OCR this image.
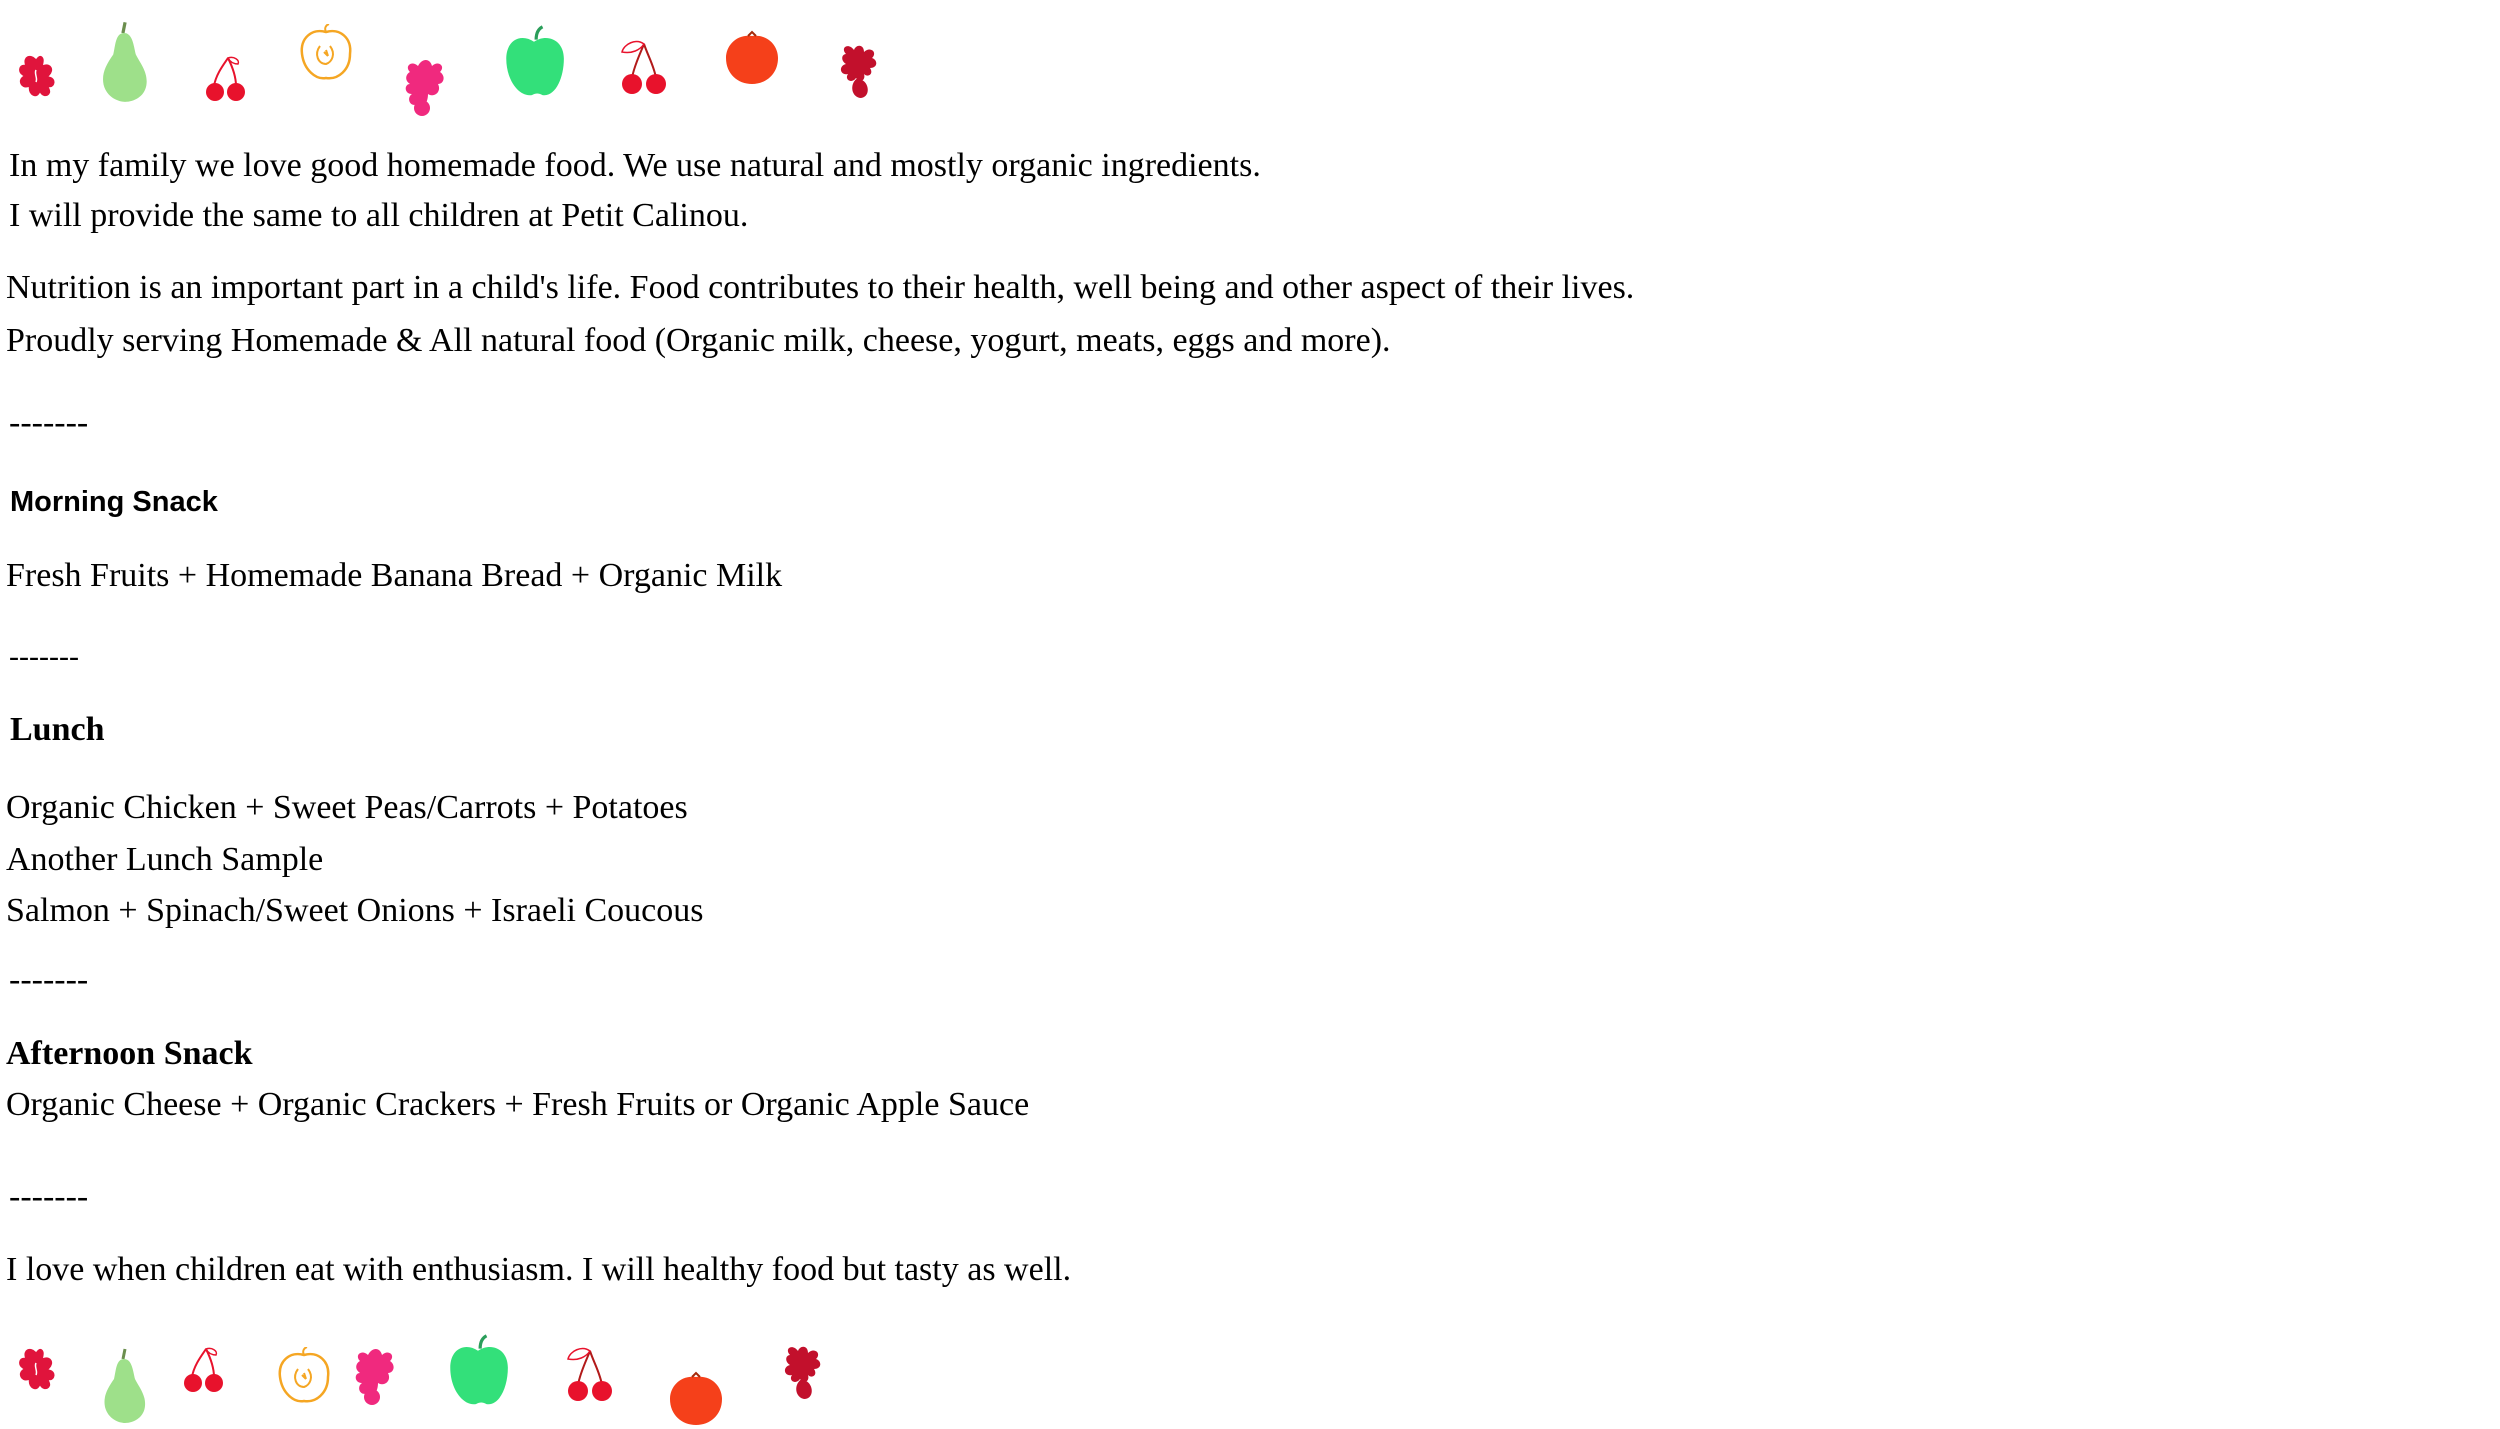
In my family we love good homemade food. We use natural and mostly organic ingredients.

I will provide the same to all children at Petit Calinou.

Nutrition is an important part in a child's life. Food contributes to their health, well being and other aspect of their lives.

Proudly serving Homemade & All natural food (Organic milk, cheese, yogurt, meats, eggs and more).

-------

Morning Snack

Fresh Fruits + Homemade Banana Bread + Organic Milk

-------

Lunch

Organic Chicken + Sweet Peas/Carrots + Potatoes

Another Lunch Sample

Salmon + Spinach/Sweet Onions + Israeli Coucous

-------

Afternoon Snack

Organic Cheese + Organic Crackers + Fresh Fruits or Organic Apple Sauce

-------

I love when children eat with enthusiasm. I will healthy food but tasty as well.
